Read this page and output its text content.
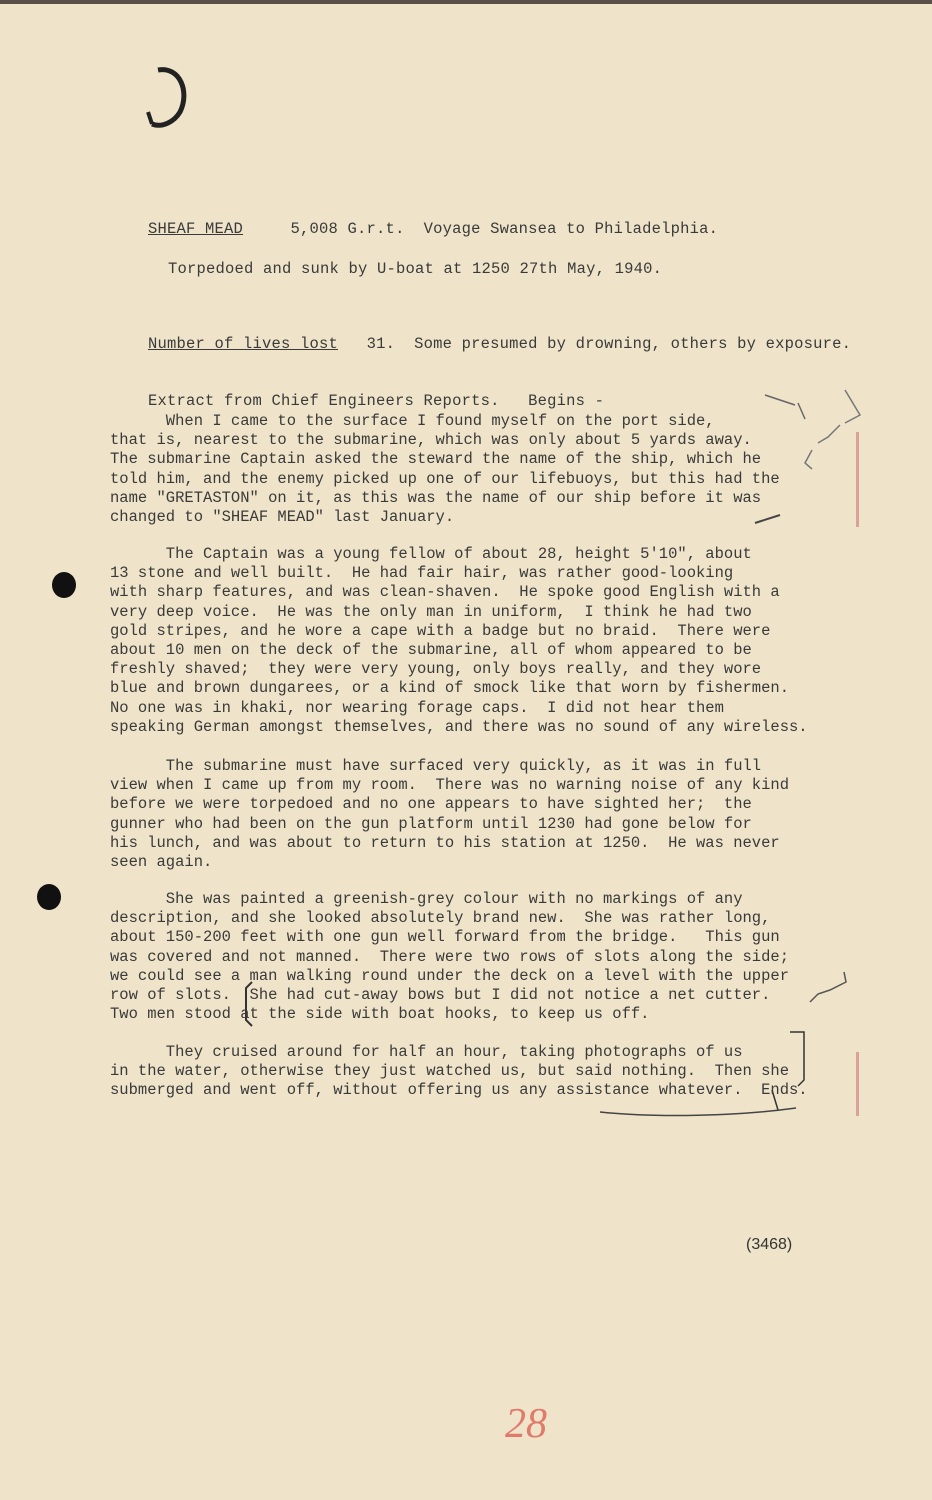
SHEAF MEAD	5,008 G.r.t. Voyage Swansea to Philadelphia.

Torpedoed and sunk by U-boat at 1250 27th May, 1940.

Number of lives lost 31. Some presumed by drowning, others by exposure.

Extract from Chief Engineers Reports. Begins -

When I came to the surface I found myself on the port side,
that is, nearest to the submarine, which was only about 5 yards away.
The submarine Captain asked the steward the name of the ship, which he
told him, and the enemy picked up one of our lifebuoys, but this had the
name "GRETASTON" on it, as this was the name of our ship before it was
changed to "SHEAF MEAD" last January.
The Captain was a young fellow of about 28, height 5'10", about
13 stone and well built.  He had fair hair, was rather good-looking
with sharp features, and was clean-shaven.  He spoke good English with a
very deep voice.  He was the only man in uniform,  I think he had two
gold stripes, and he wore a cape with a badge but no braid.  There were
about 10 men on the deck of the submarine, all of whom appeared to be
freshly shaved;  they were very young, only boys really, and they wore
blue and brown dungarees, or a kind of smock like that worn by fishermen.
No one was in khaki, nor wearing forage caps.  I did not hear them
speaking German amongst themselves, and there was no sound of any wireless.
The submarine must have surfaced very quickly, as it was in full
view when I came up from my room.  There was no warning noise of any kind
before we were torpedoed and no one appears to have sighted her;  the
gunner who had been on the gun platform until 1230 had gone below for
his lunch, and was about to return to his station at 1250.  He was never
seen again.
She was painted a greenish-grey colour with no markings of any
description, and she looked absolutely brand new.  She was rather long,
about 150-200 feet with one gun well forward from the bridge.   This gun
was covered and not manned.  There were two rows of slots along the side;
we could see a man walking round under the deck on a level with the upper
row of slots.  She had cut-away bows but I did not notice a net cutter.
Two men stood at the side with boat hooks, to keep us off.
They cruised around for half an hour, taking photographs of us
in the water, otherwise they just watched us, but said nothing.  Then she
submerged and went off, without offering us any assistance whatever.  Ends.
(3468)
28
